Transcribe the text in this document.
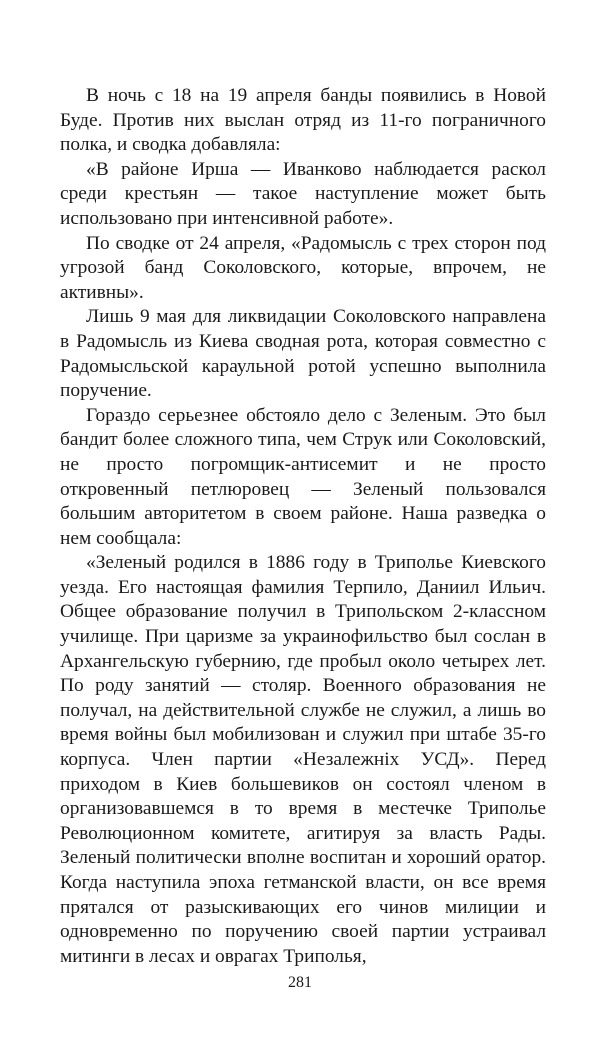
В ночь с 18 на 19 апреля банды появились в Новой Буде. Против них выслан отряд из 11-го пограничного полка, и сводка добавляла:

«В районе Ирша — Иванково наблюдается раскол среди крестьян — такое наступление может быть использовано при интенсивной работе».

По сводке от 24 апреля, «Радомысль с трех сторон под угрозой банд Соколовского, которые, впрочем, не активны».

Лишь 9 мая для ликвидации Соколовского направлена в Радомысль из Киева сводная рота, которая совместно с Радомысльской караульной ротой успешно выполнила поручение.

Гораздо серьезнее обстояло дело с Зеленым. Это был бандит более сложного типа, чем Струк или Соколовский, не просто погромщик-антисемит и не просто откровенный петлюровец — Зеленый пользовался большим авторитетом в своем районе. Наша разведка о нем сообщала:

«Зеленый родился в 1886 году в Триполье Киевского уезда. Его настоящая фамилия Терпило, Даниил Ильич. Общее образование получил в Трипольском 2-классном училище. При царизме за украинофильство был сослан в Архангельскую губернию, где пробыл около четырех лет. По роду занятий — столяр. Военного образования не получал, на действительной службе не служил, а лишь во время войны был мобилизован и служил при штабе 35-го корпуса. Член партии «Незалежнiх УСД». Перед приходом в Киев большевиков он состоял членом в организовавшемся в то время в местечке Триполье Революционном комитете, агитируя за власть Рады. Зеленый политически вполне воспитан и хороший оратор. Когда наступила эпоха гетманской власти, он все время прятался от разыскивающих его чинов милиции и одновременно по поручению своей партии устраивал митинги в лесах и оврагах Триполья,

281
